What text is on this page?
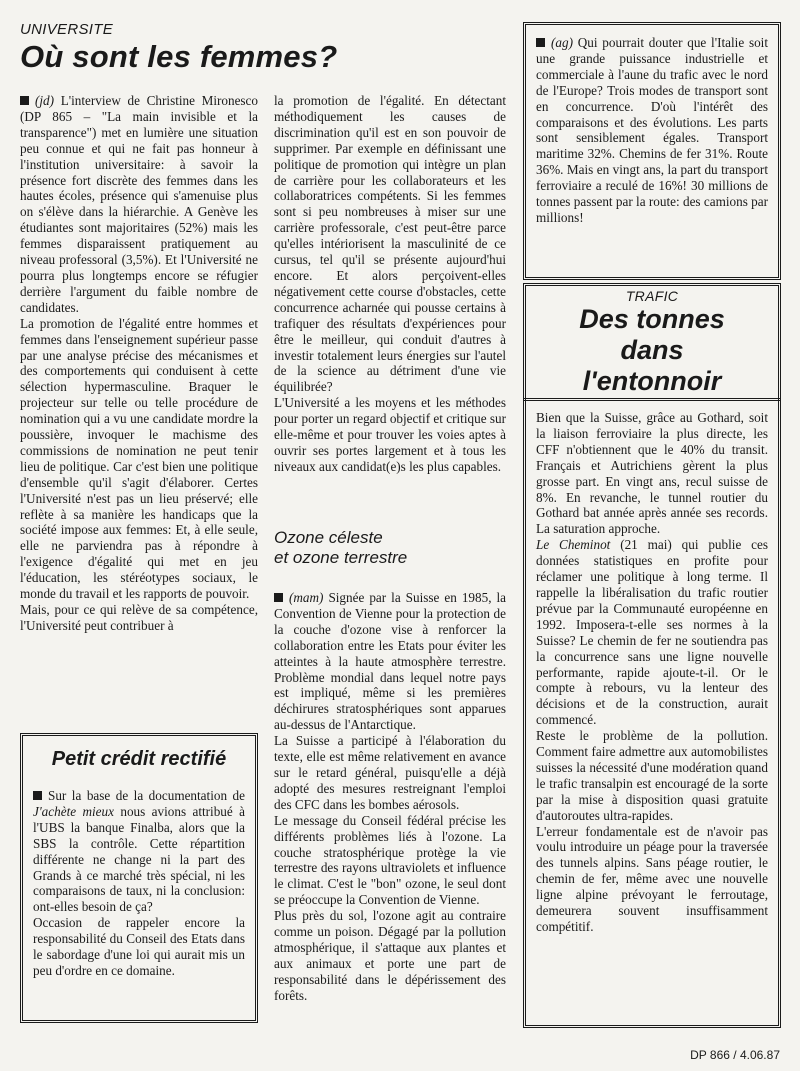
UNIVERSITE
Où sont les femmes?

(jd) L'interview de Christine Mironesco (DP 865 – "La main invisible et la transparence") met en lumière une situation peu connue et qui ne fait pas honneur à l'institution universitaire: à savoir la présence fort discrète des femmes dans les hautes écoles, présence qui s'amenuise plus on s'élève dans la hiérarchie. A Genève les étudiantes sont majoritaires (52%) mais les femmes disparaissent pratiquement au niveau professoral (3,5%). Et l'Université ne pourra plus longtemps encore se réfugier derrière l'argument du faible nombre de candidates.

La promotion de l'égalité entre hommes et femmes dans l'enseignement supérieur passe par une analyse précise des mécanismes et des comportements qui conduisent à cette sélection hypermasculine. Braquer le projecteur sur telle ou telle procédure de nomination qui a vu une candidate mordre la poussière, invoquer le machisme des commissions de nomination ne peut tenir lieu de politique. Car c'est bien une politique d'ensemble qu'il s'agit d'élaborer. Certes l'Université n'est pas un lieu préservé; elle reflète à sa manière les handicaps que la société impose aux femmes: Et, à elle seule, elle ne parviendra pas à répondre à l'exigence d'égalité qui met en jeu l'éducation, les stéréotypes sociaux, le monde du travail et les rapports de pouvoir.

Mais, pour ce qui relève de sa compétence, l'Université peut contribuer à

la promotion de l'égalité. En détectant méthodiquement les causes de discrimination qu'il est en son pouvoir de supprimer. Par exemple en définissant une politique de promotion qui intègre un plan de carrière pour les collaborateurs et les collaboratrices compétents. Si les femmes sont si peu nombreuses à miser sur une carrière professorale, c'est peut-être parce qu'elles intériorisent la masculinité de ce cursus, tel qu'il se présente aujourd'hui encore. Et alors perçoivent-elles négativement cette course d'obstacles, cette concurrence acharnée qui pousse certains à trafiquer des résultats d'expériences pour être le meilleur, qui conduit d'autres à investir totalement leurs énergies sur l'autel de la science au détriment d'une vie équilibrée?

L'Université a les moyens et les méthodes pour porter un regard objectif et critique sur elle-même et pour trouver les voies aptes à ouvrir ses portes largement et à tous les niveaux aux candidat(e)s les plus capables.

Petit crédit rectifié

Sur la base de la documentation de J'achète mieux nous avions attribué à l'UBS la banque Finalba, alors que la SBS la contrôle. Cette répartition différente ne change ni la part des Grands à ce marché très spécial, ni les comparaisons de taux, ni la conclusion: ont-elles besoin de ça?

Occasion de rappeler encore la responsabilité du Conseil des Etats dans le sabordage d'une loi qui aurait mis un peu d'ordre en ce domaine.

Ozone céleste
et ozone terrestre

(mam) Signée par la Suisse en 1985, la Convention de Vienne pour la protection de la couche d'ozone vise à renforcer la collaboration entre les Etats pour éviter les atteintes à la haute atmosphère terrestre. Problème mondial dans lequel notre pays est impliqué, même si les premières déchirures stratosphériques sont apparues au-dessus de l'Antarctique.

La Suisse a participé à l'élaboration du texte, elle est même relativement en avance sur le retard général, puisqu'elle a déjà adopté des mesures restreignant l'emploi des CFC dans les bombes aérosols.

Le message du Conseil fédéral précise les différents problèmes liés à l'ozone. La couche stratosphérique protège la vie terrestre des rayons ultraviolets et influence le climat. C'est le "bon" ozone, le seul dont se préoccupe la Convention de Vienne.

Plus près du sol, l'ozone agit au contraire comme un poison. Dégagé par la pollution atmosphérique, il s'attaque aux plantes et aux animaux et porte une part de responsabilité dans le dépérissement des forêts.

(ag) Qui pourrait douter que l'Italie soit une grande puissance industrielle et commerciale à l'aune du trafic avec le nord de l'Europe? Trois modes de transport sont en concurrence. D'où l'intérêt des comparaisons et des évolutions. Les parts sont sensiblement égales. Transport maritime 32%. Chemins de fer 31%. Route 36%. Mais en vingt ans, la part du transport ferroviaire a reculé de 16%! 30 millions de tonnes passent par la route: des camions par millions!

TRAFIC
Des tonnes
dans
l'entonnoir

Bien que la Suisse, grâce au Gothard, soit la liaison ferroviaire la plus directe, les CFF n'obtiennent que le 40% du transit. Français et Autrichiens gèrent la plus grosse part. En vingt ans, recul suisse de 8%. En revanche, le tunnel routier du Gothard bat année après année ses records. La saturation approche.

Le Cheminot (21 mai) qui publie ces données statistiques en profite pour réclamer une politique à long terme. Il rappelle la libéralisation du trafic routier prévue par la Communauté européenne en 1992. Imposera-t-elle ses normes à la Suisse? Le chemin de fer ne soutiendra pas la concurrence sans une ligne nouvelle performante, rapide ajoute-t-il. Or le compte à rebours, vu la lenteur des décisions et de la construction, aurait commencé.

Reste le problème de la pollution. Comment faire admettre aux automobilistes suisses la nécessité d'une modération quand le trafic transalpin est encouragé de la sorte par la mise à disposition quasi gratuite d'autoroutes ultra-rapides.

L'erreur fondamentale est de n'avoir pas voulu introduire un péage pour la traversée des tunnels alpins. Sans péage routier, le chemin de fer, même avec une nouvelle ligne alpine prévoyant le ferroutage, demeurera souvent insuffisamment compétitif.

DP 866 / 4.06.87
